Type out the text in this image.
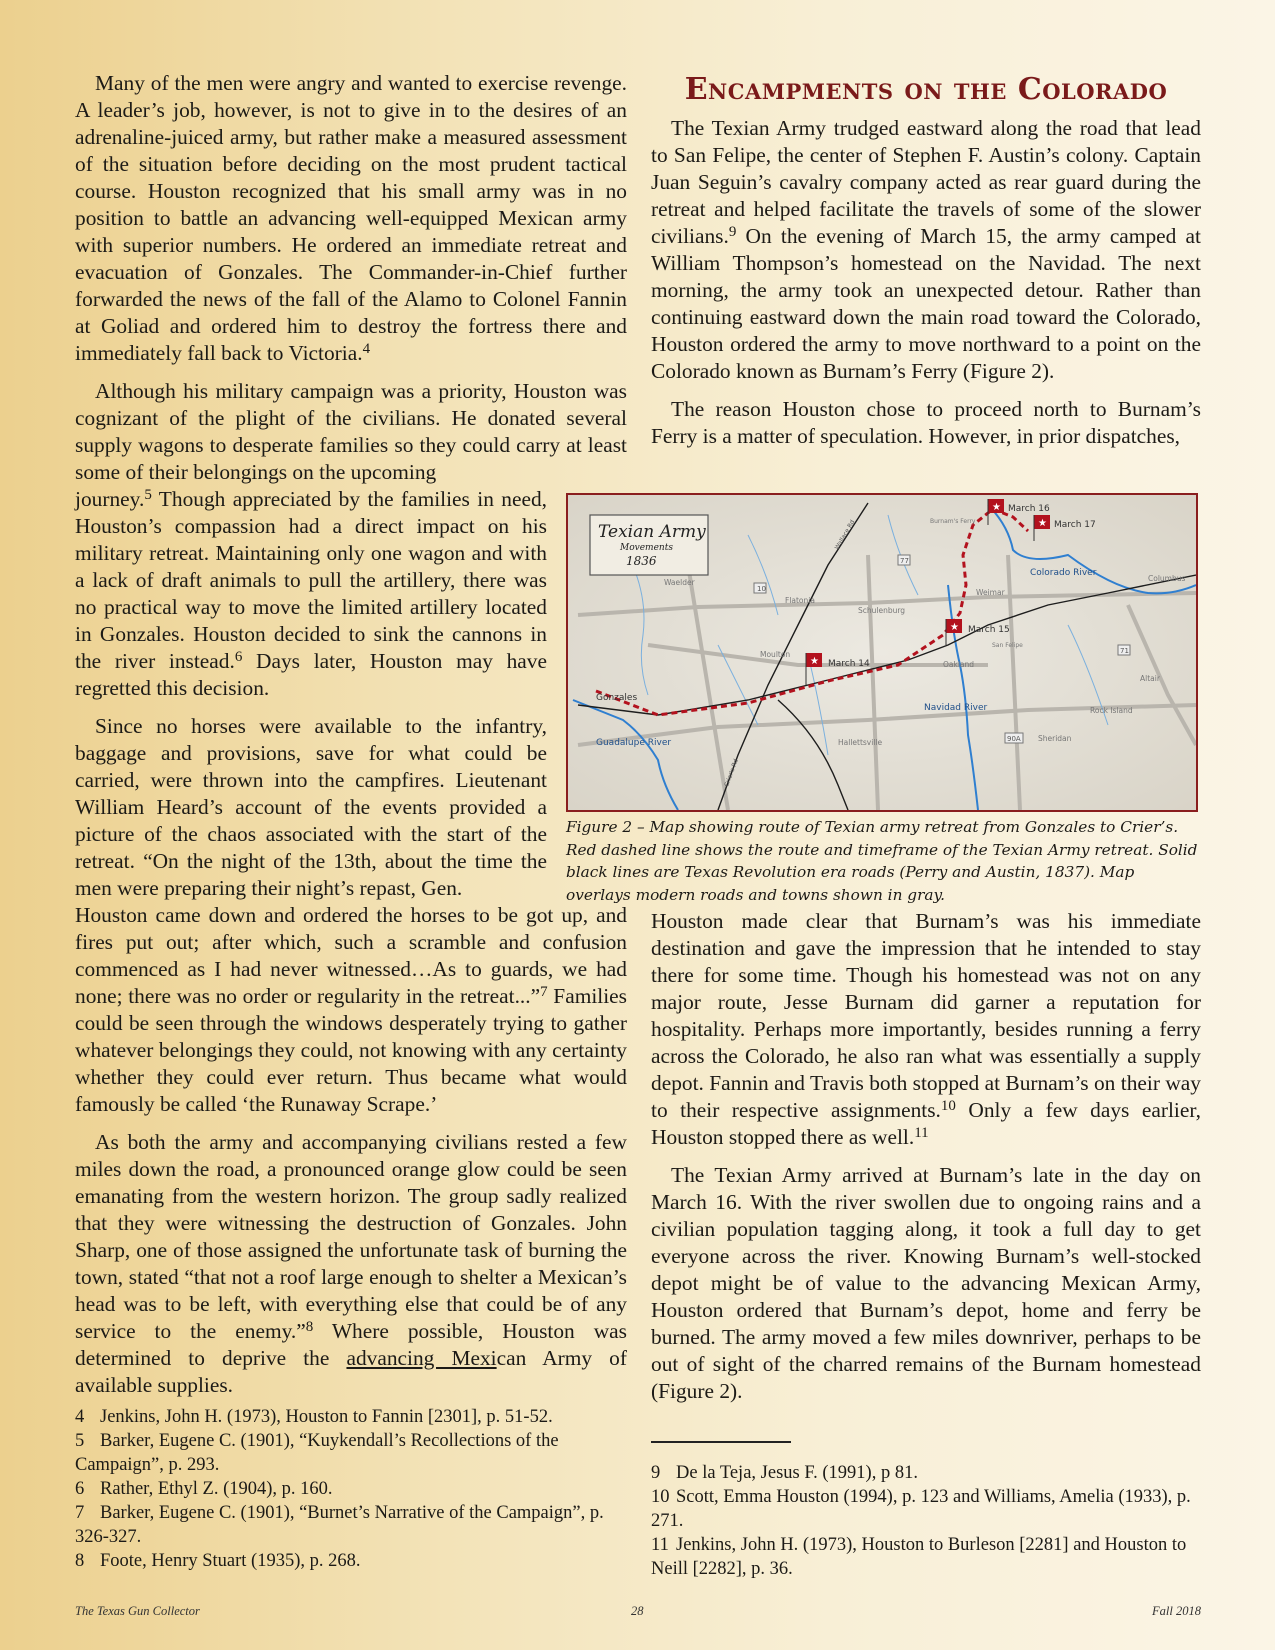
Many of the men were angry and wanted to exercise revenge. A leader’s job, however, is not to give in to the desires of an adrenaline-juiced army, but rather make a measured assessment of the situation before deciding on the most prudent tactical course. Houston recognized that his small army was in no position to battle an advancing well-equipped Mexican army with superior numbers. He ordered an immediate retreat and evacuation of Gonzales. The Commander-in-Chief further forwarded the news of the fall of the Alamo to Colonel Fannin at Goliad and ordered him to destroy the fortress there and immediately fall back to Victoria.$^4$

Although his military campaign was a priority, Houston was cognizant of the plight of the civilians. He donated several supply wagons to desperate families so they could carry at least some of their belongings on the upcoming

journey.$^5$ Though appreciated by the families in need, Houston’s compassion had a direct impact on his military retreat. Maintaining only one wagon and with a lack of draft animals to pull the artillery, there was no practical way to move the limited artillery located in Gonzales. Houston decided to sink the cannons in the river instead.$^6$ Days later, Houston may have regretted this decision.

Since no horses were available to the infantry, baggage and provisions, save for what could be carried, were thrown into the campfires. Lieutenant William Heard’s account of the events provided a picture of the chaos associated with the start of the retreat. “On the night of the 13th, about the time the men were preparing their night’s repast, Gen.

Houston came down and ordered the horses to be got up, and fires put out; after which, such a scramble and confusion commenced as I had never witnessed…As to guards, we had none; there was no order or regularity in the retreat...”$^7$ Families could be seen through the windows desperately trying to gather whatever belongings they could, not knowing with any certainty whether they could ever return. Thus became what would famously be called ‘the Runaway Scrape.’

As both the army and accompanying civilians rested a few miles down the road, a pronounced orange glow could be seen emanating from the western horizon. The group sadly realized that they were witnessing the destruction of Gonzales. John Sharp, one of those assigned the unfortunate task of burning the town, stated “that not a roof large enough to shelter a Mexican’s head was to be left, with everything else that could be of any service to the enemy.”$^8$ Where possible, Houston was determined to deprive the advancing Mexican Army of available supplies.

4 Jenkins, John H. (1973), Houston to Fannin [2301], p. 51-52.

5 Barker, Eugene C. (1901), “Kuykendall’s Recollections of the Campaign”, p. 293.

6 Rather, Ethyl Z. (1904), p. 160.

7 Barker, Eugene C. (1901), “Burnet’s Narrative of the Campaign”, p. 326-327.

8 Foote, Henry Stuart (1935), p. 268.

Encampments on the Colorado

The Texian Army trudged eastward along the road that lead to San Felipe, the center of Stephen F. Austin’s colony. Captain Juan Seguin’s cavalry company acted as rear guard during the retreat and helped facilitate the travels of some of the slower civilians.$^9$ On the evening of March 15, the army camped at William Thompson’s homestead on the Navidad. The next morning, the army took an unexpected detour. Rather than continuing eastward down the main road toward the Colorado, Houston ordered the army to move northward to a point on the Colorado known as Burnam’s Ferry (Figure 2).

The reason Houston chose to proceed north to Burnam’s Ferry is a matter of speculation. However, in prior dispatches,

10
77
71
90A
Texian Army
Movements
1836
Gonzales
Waelder
Flatonia
Schulenburg
Weimar
Moulton
Oakland
Hallettsville	Sheridan
Rock Island
Altair
Columbus
San Felipe
Burnam's Ferry
Guadalupe River
Navidad River
Colorado River
Wallace Rd
Crier's Rd
★ March 14
★ March 15
★ March 16
★ March 17
Figure 2 – Map showing route of Texian army retreat from Gonzales to Crier’s. Red dashed line shows the route and timeframe of the Texian Army retreat. Solid black lines are Texas Revolution era roads (Perry and Austin, 1837). Map overlays modern roads and towns shown in gray.

Houston made clear that Burnam’s was his immediate destination and gave the impression that he intended to stay there for some time. Though his homestead was not on any major route, Jesse Burnam did garner a reputation for hospitality. Perhaps more importantly, besides running a ferry across the Colorado, he also ran what was essentially a supply depot. Fannin and Travis both stopped at Burnam’s on their way to their respective assignments.$^{10}$ Only a few days earlier, Houston stopped there as well.$^{11}$

The Texian Army arrived at Burnam’s late in the day on March 16. With the river swollen due to ongoing rains and a civilian population tagging along, it took a full day to get everyone across the river. Knowing Burnam’s well-stocked depot might be of value to the advancing Mexican Army, Houston ordered that Burnam’s depot, home and ferry be burned. The army moved a few miles downriver, perhaps to be out of sight of the charred remains of the Burnam homestead (Figure 2).

9 De la Teja, Jesus F. (1991), p 81.

10 Scott, Emma Houston (1994), p. 123 and Williams, Amelia (1933), p. 271.

11 Jenkins, John H. (1973), Houston to Burleson [2281] and Houston to Neill [2282], p. 36.

The Texas Gun Collector	28	Fall 2018
